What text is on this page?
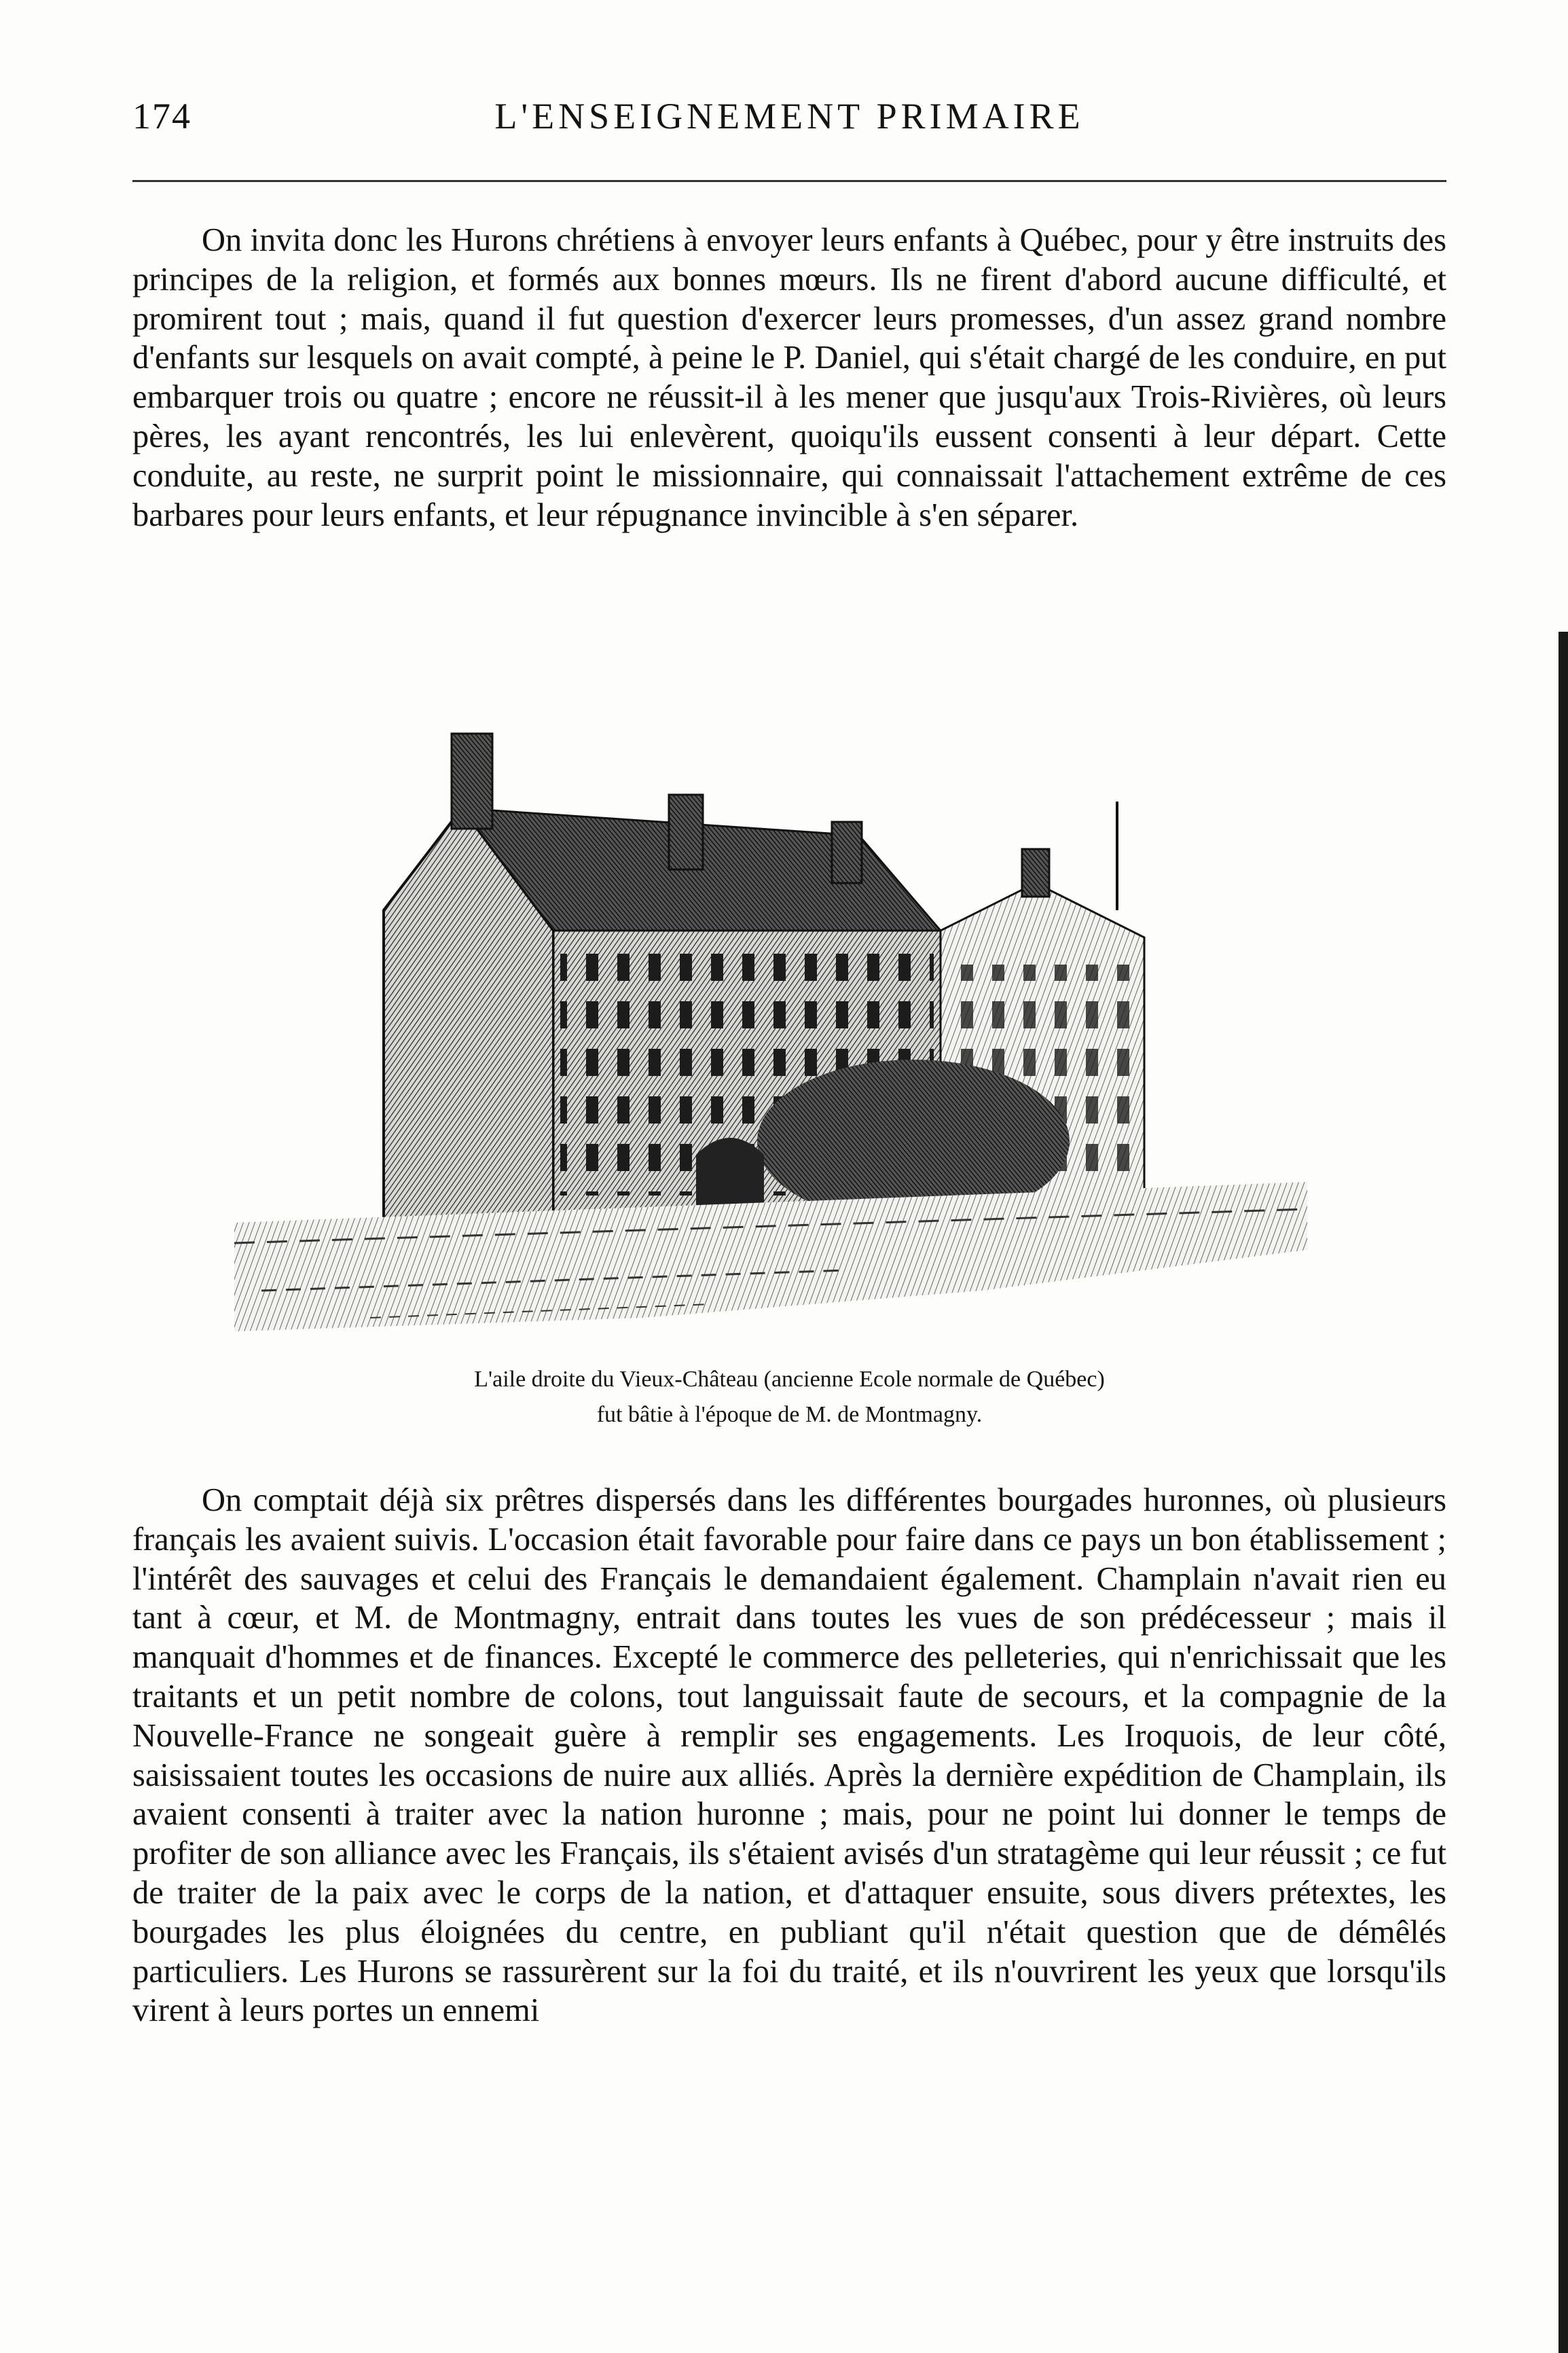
174	L'ENSEIGNEMENT PRIMAIRE

On invita donc les Hurons chrétiens à envoyer leurs enfants à Québec, pour y être instruits des principes de la religion, et formés aux bonnes mœurs. Ils ne firent d'abord aucune difficulté, et promirent tout ; mais, quand il fut question d'exercer leurs promesses, d'un assez grand nombre d'enfants sur lesquels on avait compté, à peine le P. Daniel, qui s'était chargé de les conduire, en put embarquer trois ou quatre ; encore ne réussit-il à les mener que jusqu'aux Trois-Rivières, où leurs pères, les ayant rencontrés, les lui enlevèrent, quoiqu'ils eussent consenti à leur départ. Cette conduite, au reste, ne surprit point le missionnaire, qui connaissait l'attachement extrême de ces barbares pour leurs enfants, et leur répugnance invincible à s'en séparer.

L'aile droite du Vieux-Château (ancienne Ecole normale de Québec)
fut bâtie à l'époque de M. de Montmagny.

On comptait déjà six prêtres dispersés dans les différentes bourgades huronnes, où plusieurs français les avaient suivis. L'occasion était favorable pour faire dans ce pays un bon établissement ; l'intérêt des sauvages et celui des Français le demandaient également. Champlain n'avait rien eu tant à cœur, et M. de Montmagny, entrait dans toutes les vues de son prédécesseur ; mais il manquait d'hommes et de finances. Excepté le commerce des pelleteries, qui n'enrichissait que les traitants et un petit nombre de colons, tout languissait faute de secours, et la compagnie de la Nouvelle-France ne songeait guère à remplir ses engagements. Les Iroquois, de leur côté, saisissaient toutes les occasions de nuire aux alliés. Après la dernière expédition de Champlain, ils avaient consenti à traiter avec la nation huronne ; mais, pour ne point lui donner le temps de profiter de son alliance avec les Français, ils s'étaient avisés d'un stratagème qui leur réussit ; ce fut de traiter de la paix avec le corps de la nation, et d'attaquer ensuite, sous divers prétextes, les bourgades les plus éloignées du centre, en publiant qu'il n'était question que de démêlés particuliers. Les Hurons se rassurèrent sur la foi du traité, et ils n'ouvrirent les yeux que lorsqu'ils virent à leurs portes un ennemi
